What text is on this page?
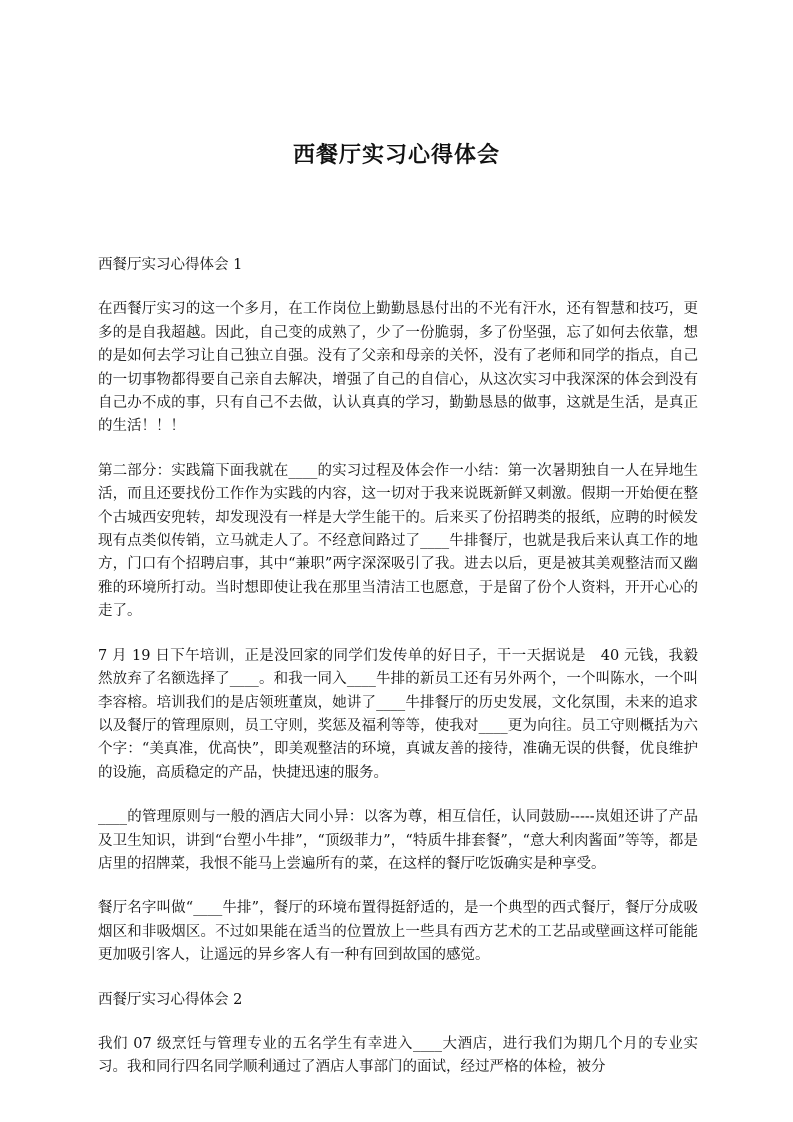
西餐厅实习心得体会

西餐厅实习心得体会 1

在西餐厅实习的这一个多月，在工作岗位上勤勤恳恳付出的不光有汗水，还有智慧和技巧，更多的是自我超越。因此，自己变的成熟了，少了一份脆弱，多了份坚强，忘了如何去依靠，想的是如何去学习让自己独立自强。没有了父亲和母亲的关怀，没有了老师和同学的指点，自己的一切事物都得要自己亲自去解决，增强了自己的自信心，从这次实习中我深深的体会到没有自己办不成的事，只有自己不去做，认认真真的学习，勤勤恳恳的做事，这就是生活，是真正的生活！！！

第二部分：实践篇下面我就在____的实习过程及体会作一小结：第一次暑期独自一人在异地生活，而且还要找份工作作为实践的内容，这一切对于我来说既新鲜又刺激。假期一开始便在整个古城西安兜转，却发现没有一样是大学生能干的。后来买了份招聘类的报纸，应聘的时候发现有点类似传销，立马就走人了。不经意间路过了____牛排餐厅，也就是我后来认真工作的地方，门口有个招聘启事，其中“兼职”两字深深吸引了我。进去以后，更是被其美观整洁而又幽雅的环境所打动。当时想即使让我在那里当清洁工也愿意，于是留了份个人资料，开开心心的走了。

7 月 19 日下午培训，正是没回家的同学们发传单的好日子，干一天据说是　40 元钱，我毅然放弃了名额选择了____。和我一同入____牛排的新员工还有另外两个，一个叫陈水，一个叫李容榕。培训我们的是店领班董岚，她讲了____牛排餐厅的历史发展，文化氛围，未来的追求以及餐厅的管理原则，员工守则，奖惩及福利等等，使我对____更为向往。员工守则概括为六个字：“美真准，优高快”，即美观整洁的环境，真诚友善的接待，准确无误的供餐，优良维护的设施，高质稳定的产品，快捷迅速的服务。

____的管理原则与一般的酒店大同小异：以客为尊，相互信任，认同鼓励-----岚姐还讲了产品及卫生知识，讲到“台塑小牛排”，“顶级菲力”，“特质牛排套餐”，“意大利肉酱面”等等，都是店里的招牌菜，我恨不能马上尝遍所有的菜，在这样的餐厅吃饭确实是种享受。

餐厅名字叫做“____牛排”，餐厅的环境布置得挺舒适的，是一个典型的西式餐厅，餐厅分成吸烟区和非吸烟区。不过如果能在适当的位置放上一些具有西方艺术的工艺品或壁画这样可能能更加吸引客人，让遥远的异乡客人有一种有回到故国的感觉。

西餐厅实习心得体会 2

我们 07 级烹饪与管理专业的五名学生有幸进入____大酒店，进行我们为期几个月的专业实习。我和同行四名同学顺利通过了酒店人事部门的面试，经过严格的体检，被分
